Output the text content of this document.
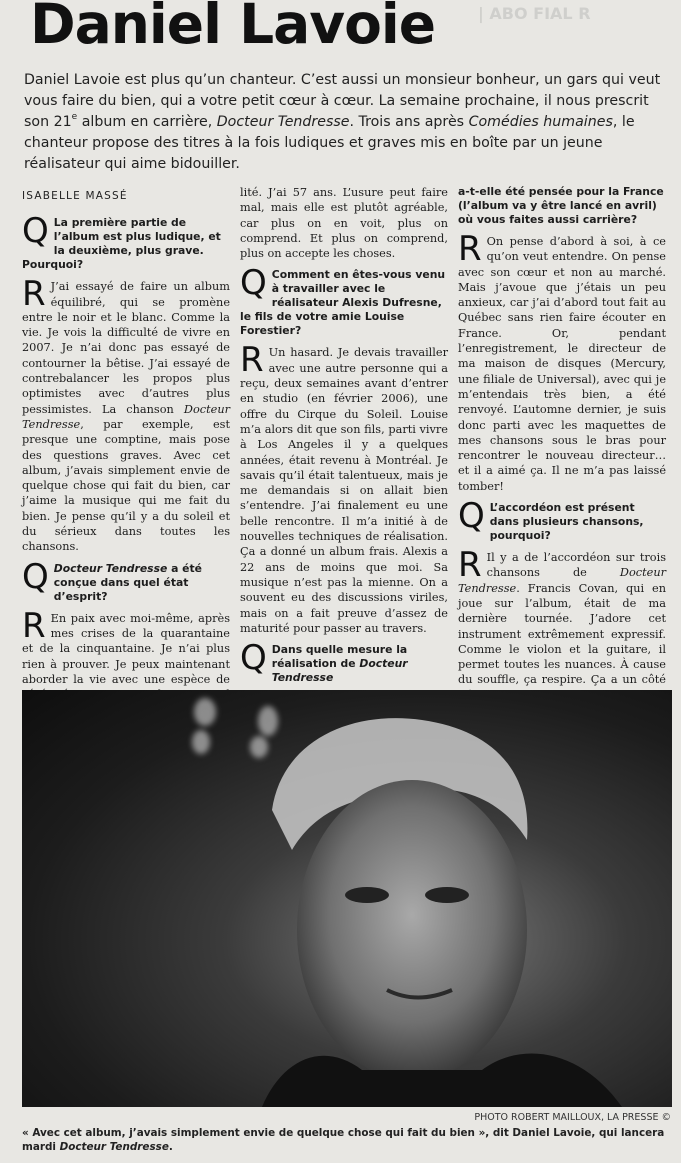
| ABO FIAL R
Daniel Lavoie

Daniel Lavoie est plus qu’un chanteur. C’est aussi un monsieur bonheur, un gars qui veut vous faire du bien, qui a votre petit cœur à cœur. La semaine prochaine, il nous prescrit son 21e album en carrière, Docteur Tendresse. Trois ans après Comédies humaines, le chanteur propose des titres à la fois ludiques et graves mis en boîte par un jeune réalisateur qui aime bidouiller.

ISABELLE MASSÉ

Q La première partie de l’album est plus ludique, et la deuxième, plus grave. Pourquoi?

R J’ai essayé de faire un album équilibré, qui se promène entre le noir et le blanc. Comme la vie. Je vois la difficulté de vivre en 2007. Je n’ai donc pas essayé de contourner la bêtise. J’ai essayé de contrebalancer les propos plus optimistes avec d’autres plus pessimistes. La chanson Docteur Tendresse, par exemple, est presque une comptine, mais pose des questions graves. Avec cet album, j’avais simplement envie de quelque chose qui fait du bien, car j’aime la musique qui me fait du bien. Je pense qu’il y a du soleil et du sérieux dans toutes les chansons.

Q Docteur Tendresse a été conçue dans quel état d’esprit?

R En paix avec moi-même, après mes crises de la quarantaine et de la cinquantaine. Je n’ai plus rien à prouver. Je peux maintenant aborder la vie avec une espèce de

lité. J’ai 57 ans. L’usure peut faire mal, mais elle est plutôt agréable, car plus on en voit, plus on comprend. Et plus on comprend, plus on accepte les choses.

Q Comment en êtes-vous venu à travailler avec le réalisateur Alexis Dufresne, le fils de votre amie Louise Forestier?

R Un hasard. Je devais travailler avec une autre personne qui a reçu, deux semaines avant d’entrer en studio (en février 2006), une offre du Cirque du Soleil. Louise m’a alors dit que son fils, parti vivre à Los Angeles il y a quelques années, était revenu à Montréal. Je savais qu’il était talentueux, mais je me demandais si on allait bien s’entendre. J’ai finalement eu une belle rencontre. Il m’a initié à de nouvelles techniques de réalisation. Ça a donné un album frais. Alexis a 22 ans de moins que moi. Sa musique n’est pas la mienne. On a souvent eu des discussions viriles, mais on a fait preuve d’assez de maturité pour passer au travers.

Q Dans quelle mesure la réalisation de Docteur Tendresse

a-t-elle été pensée pour la France (l’album va y être lancé en avril) où vous faites aussi carrière?

R On pense d’abord à soi, à ce qu’on veut entendre. On pense avec son cœur et non au marché. Mais j’avoue que j’étais un peu anxieux, car j’ai d’abord tout fait au Québec sans rien faire écouter en France. Or, pendant l’enregistrement, le directeur de ma maison de disques (Mercury, une filiale de Universal), avec qui je m’entendais très bien, a été renvoyé. L’automne dernier, je suis donc parti avec les maquettes de mes chansons sous le bras pour rencontrer le nouveau directeur… et il a aimé ça. Il ne m’a pas laissé tomber!

Q L’accordéon est présent dans plusieurs chansons, pourquoi?

R Il y a de l’accordéon sur trois chansons de Docteur Tendresse. Francis Covan, qui en joue sur l’album, était de ma dernière tournée. J’adore cet instrument extrêmement expressif. Comme le violon et la guitare, il permet toutes les nuances. À cause du souffle, ça respire. Ça a un côté

PHOTO ROBERT MAILLOUX, LA PRESSE ©

« Avec cet album, j’avais simplement envie de quelque chose qui fait du bien », dit Daniel Lavoie, qui lancera mardi Docteur Tendresse.
